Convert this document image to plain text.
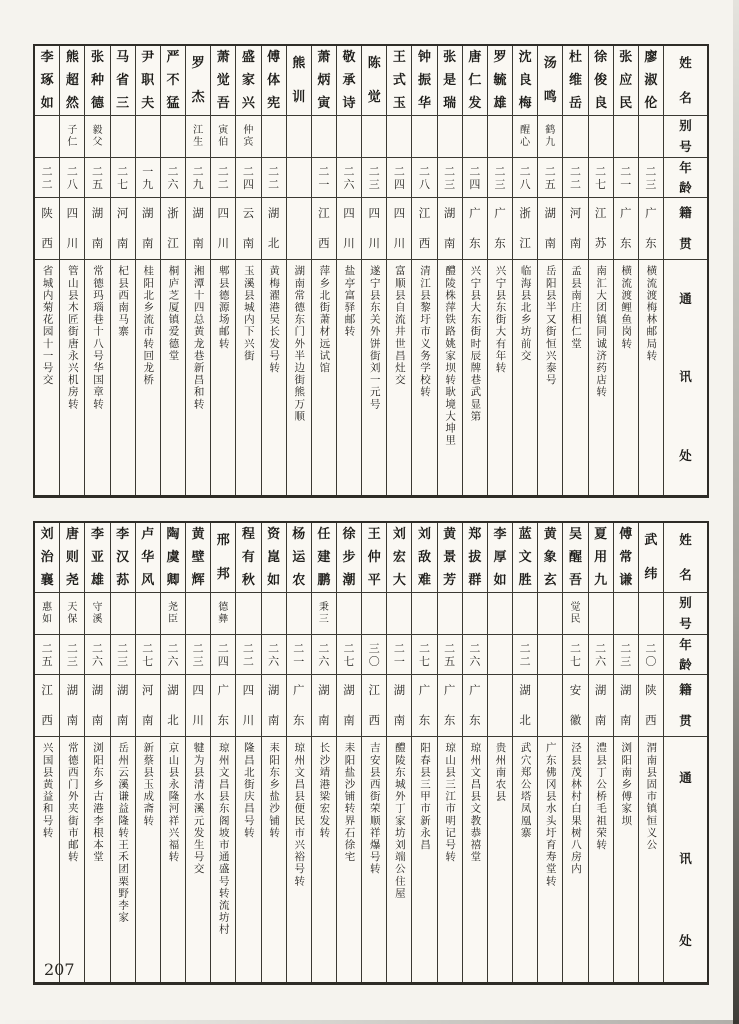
姓
名
别
号
年
龄
籍
贯
通
讯
处
廖
淑
伦
二
三
广
东
横流渡梅林邮局转
张
应
民
二
一
广
东
横流渡鲤鱼岗转
徐
俊
良
二
七
江
苏
南汇大团镇同诚济药店转
杜
维
岳
二
二
河
南
孟县南庄相仁堂
汤
鸣
鹤
九
二
五
湖
南
岳阳县半又街恒兴泰号
沈
良
梅
醒
心
二
八
浙
江
临海县北乡坊前交
罗
毓
雄
二
三
广
东
兴宁县东街大有年转
唐
仁
发
二
四
广
东
兴宁县大东街时辰牌巷武显第
张
是
瑞
二
三
湖
南
醴陵株萍铁路姚家坝转耿境大坤里
钟
振
华
二
八
江
西
清江县黎圩市义务学校转
王
式
玉
二
四
四
川
富顺县自流井世昌灶交
陈
觉
二
三
四
川
遂宁县东关外饼街刘一元号
敬
承
诗
二
六
四
川
盐亭富驿邮转
萧
炳
寅
二
一
江
西
萍乡北街萧材远试馆
熊
训
湖南常德东门外半边街熊万顺
傅
体
宪
二
二
湖
北
黄梅濯港吴长发号转
盛
家
兴
仲
宾
二
四
云
南
玉溪县城内下兴街
萧
觉
吾
寅
伯
二
二
四
川
郫县德源场邮转
罗
杰
江
生
二
九
湖
南
湘潭十四总黄龙巷新昌和转
严
不
猛
二
六
浙
江
桐庐芝厦镇爱德堂
尹
职
夫
一
九
湖
南
桂阳北乡流市转回龙桥
马
省
三
二
七
河
南
杞县西南马寨
张
种
德
毅
父
二
五
湖
南
常德玛瑙巷十八号华国章转
熊
超
然
子
仁
二
八
四
川
管山县木匠街唐永兴机房转
李
琢
如
二
二
陕
西
省城内菊花园十一号交
姓
名
别
号
年
龄
籍
贯
通
讯
处
武
纬
二
〇
陕
西
渭南县固市镇恒义公
傅
常
谦
二
三
湖
南
浏阳南乡傅家坝
夏
用
九
二
六
湖
南
澧县丁公桥毛祖荣转
吴
醒
吾
觉
民
二
七
安
徽
泾县茂林村白果树八房内
黄
象
玄
广东佛冈县水头圩育寿堂转
蓝
文
胜
二
二
湖
北
武穴郑公塔凤凰寨
李
厚
如
贵州南农县
郑
拔
群
二
六
广
东
琼州文昌县文教恭禧堂
黄
景
芳
二
五
广
东
琼山县三江市明记号转
刘
敌
难
二
七
广
东
阳春县三甲市新永昌
刘
宏
大
二
一
湖
南
醴陵东城外丁家坊刘端公住屋
王
仲
平
三
〇
江
西
吉安县西街荣顺祥爆号转
徐
步
潮
二
七
湖
南
耒阳盐沙铺转界石徐宅
任
建
鹏
秉
三
二
六
湖
南
长沙靖港梁宏发转
杨
运
农
二
一
广
东
琼州文昌县便民市兴裕号转
资
崑
如
二
六
湖
南
耒阳东乡盐沙铺转
程
有
秋
二
二
四
川
隆昌北街庆昌号转
邢
邦
德
彝
二
四
广
东
琼州文昌县东阁坡市通盛号转流坊村
黄
壁
辉
二
三
四
川
犍为县清水溪元发生号交
陶
虞
卿
尧
臣
二
六
湖
北
京山县永隆河祥兴福转
卢
华
风
二
七
河
南
新蔡县玉成斋转
李
汉
荪
二
三
湖
南
岳州云溪谦益隆转王禾团栗野李家
李
亚
雄
守
溪
二
六
湖
南
浏阳东乡古港李根本堂
唐
则
尧
天
保
二
三
湖
南
常德西门外夹街市邮转
刘
治
襄
惠
如
二
五
江
西
兴国县黄益和号转
207
